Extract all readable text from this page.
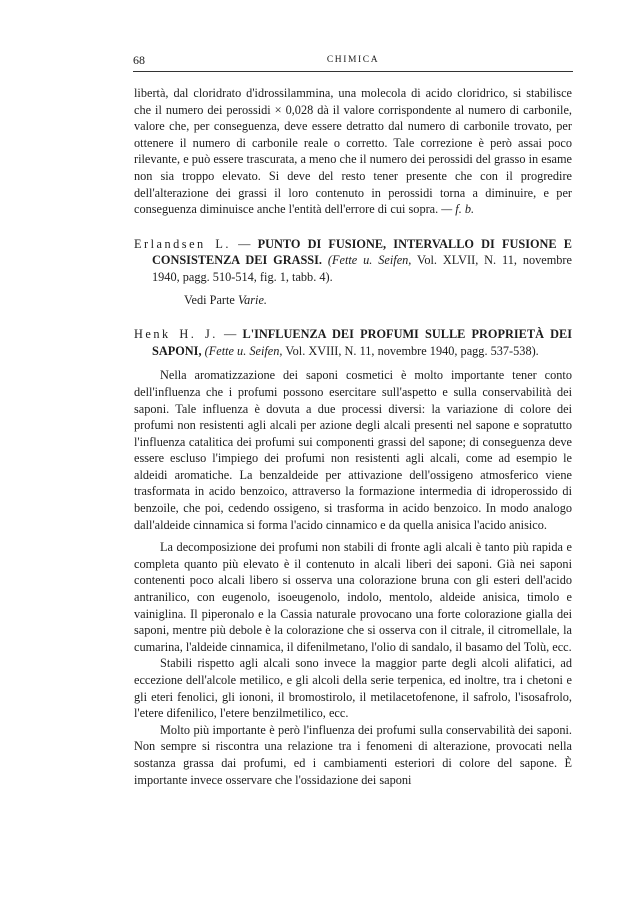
68	CHIMICA

libertà, dal cloridrato d'idrossilammina, una molecola di acido cloridrico, si stabilisce che il numero dei perossidi × 0,028 dà il valore corrispondente al numero di carbonile, valore che, per conseguenza, deve essere detratto dal numero di carbonile trovato, per ottenere il numero di carbonile reale o corretto. Tale correzione è però assai poco rilevante, e può essere trascurata, a meno che il numero dei perossidi del grasso in esame non sia troppo elevato. Si deve del resto tener presente che con il progredire dell'alterazione dei grassi il loro contenuto in perossidi torna a diminuire, e per conseguenza diminuisce anche l'entità dell'errore di cui sopra. — f. b.

Erlandsen L. — PUNTO DI FUSIONE, INTERVALLO DI FUSIONE E CONSISTENZA DEI GRASSI. (Fette u. Seifen, Vol. XLVII, N. 11, novembre 1940, pagg. 510-514, fig. 1, tabb. 4).

Vedi Parte Varie.

Henk H. J. — L'INFLUENZA DEI PROFUMI SULLE PROPRIETÀ DEI SAPONI, (Fette u. Seifen, Vol. XVIII, N. 11, novembre 1940, pagg. 537-538).

Nella aromatizzazione dei saponi cosmetici è molto importante tener conto dell'influenza che i profumi possono esercitare sull'aspetto e sulla conservabilità dei saponi. Tale influenza è dovuta a due processi diversi: la variazione di colore dei profumi non resistenti agli alcali per azione degli alcali presenti nel sapone e sopratutto l'influenza catalitica dei profumi sui componenti grassi del sapone; di conseguenza deve essere escluso l'impiego dei profumi non resistenti agli alcali, come ad esempio le aldeidi aromatiche. La benzaldeide per attivazione dell'ossigeno atmosferico viene trasformata in acido benzoico, attraverso la formazione intermedia di idroperossido di benzoile, che poi, cedendo ossigeno, si trasforma in acido benzoico. In modo analogo dall'aldeide cinnamica si forma l'acido cinnamico e da quella anisica l'acido anisico.

La decomposizione dei profumi non stabili di fronte agli alcali è tanto più rapida e completa quanto più elevato è il contenuto in alcali liberi dei saponi. Già nei saponi contenenti poco alcali libero si osserva una colorazione bruna con gli esteri dell'acido antranilico, con eugenolo, isoeugenolo, indolo, mentolo, aldeide anisica, timolo e vainiglina. Il piperonalo e la Cassia naturale provocano una forte colorazione gialla dei saponi, mentre più debole è la colorazione che si osserva con il citrale, il citromellale, la cumarina, l'aldeide cinnamica, il difenilmetano, l'olio di sandalo, il basamo del Tolù, ecc.

Stabili rispetto agli alcali sono invece la maggior parte degli alcoli alifatici, ad eccezione dell'alcole metilico, e gli alcoli della serie terpenica, ed inoltre, tra i chetoni e gli eteri fenolici, gli iononi, il bromostirolo, il metilacetofenone, il safrolo, l'isosafrolo, l'etere difenilico, l'etere benzilmetilico, ecc.

Molto più importante è però l'influenza dei profumi sulla conservabilità dei saponi. Non sempre si riscontra una relazione tra i fenomeni di alterazione, provocati nella sostanza grassa dai profumi, ed i cambiamenti esteriori di colore del sapone. È importante invece osservare che l'ossidazione dei saponi
